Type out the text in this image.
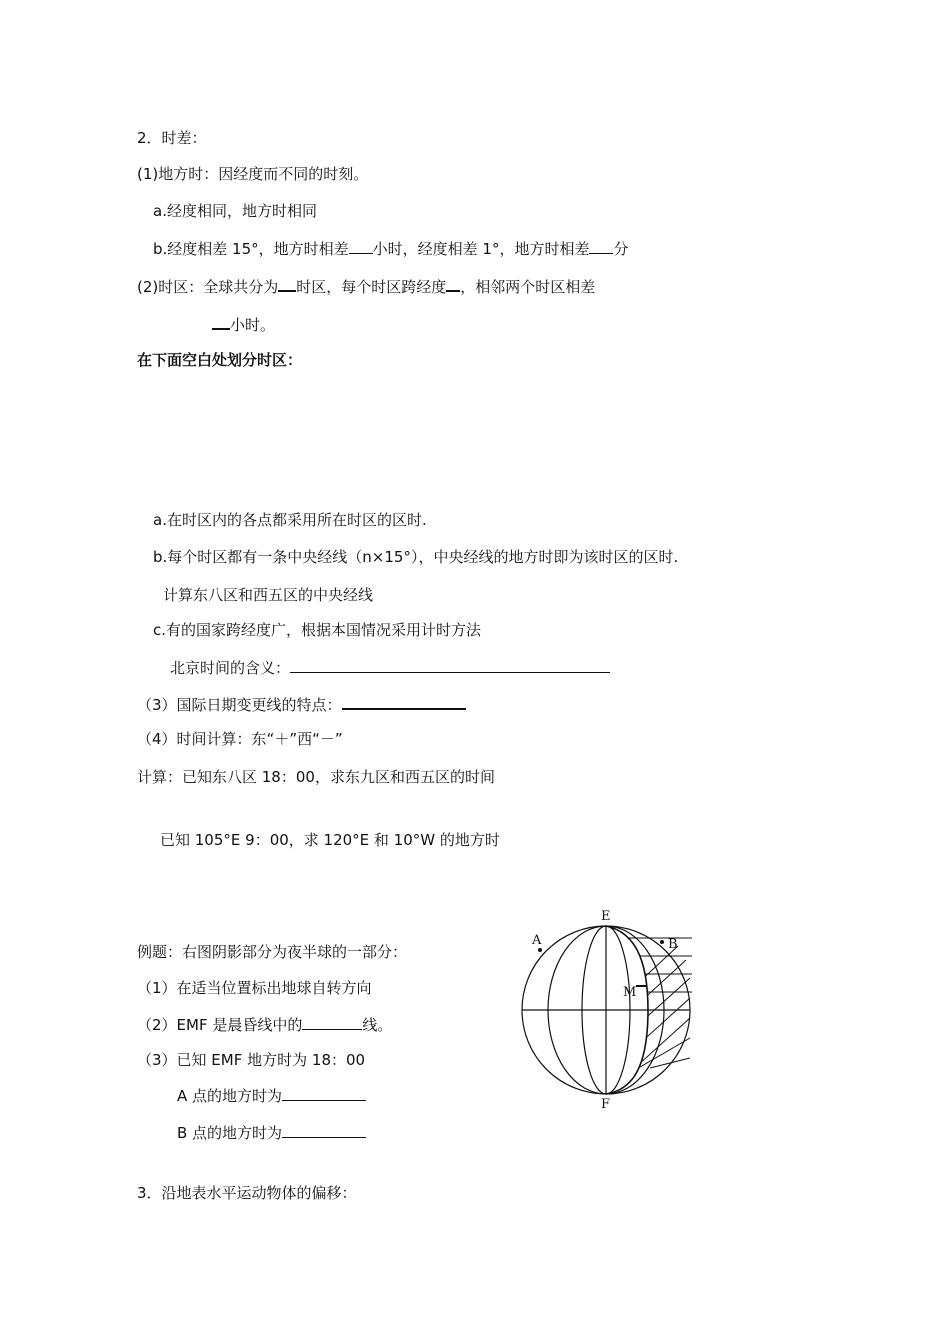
2．时差：
(1)地方时：因经度而不同的时刻。
a.经度相同，地方时相同
b.经度相差 15°，地方时相差 小时，经度相差 1°，地方时相差 分
(2)时区：全球共分为 时区，每个时区跨经度 ，相邻两个时区相差
小时。
在下面空白处划分时区：
a.在时区内的各点都采用所在时区的区时.
b.每个时区都有一条中央经线（n×15°），中央经线的地方时即为该时区的区时.
计算东八区和西五区的中央经线
c.有的国家跨经度广，根据本国情况采用计时方法
北京时间的含义：
（3）国际日期变更线的特点：
（4）时间计算：东“＋”西“－”
计算：已知东八区 18：00，求东九区和西五区的时间
已知 105°E 9：00，求 120°E 和 10°W 的地方时
例题：右图阴影部分为夜半球的一部分：
（1）在适当位置标出地球自转方向
（2）EMF 是晨昏线中的	线。
（3）已知 EMF 地方时为 18：00
A 点的地方时为
B 点的地方时为
E
F
A	B
M
3．沿地表水平运动物体的偏移：
